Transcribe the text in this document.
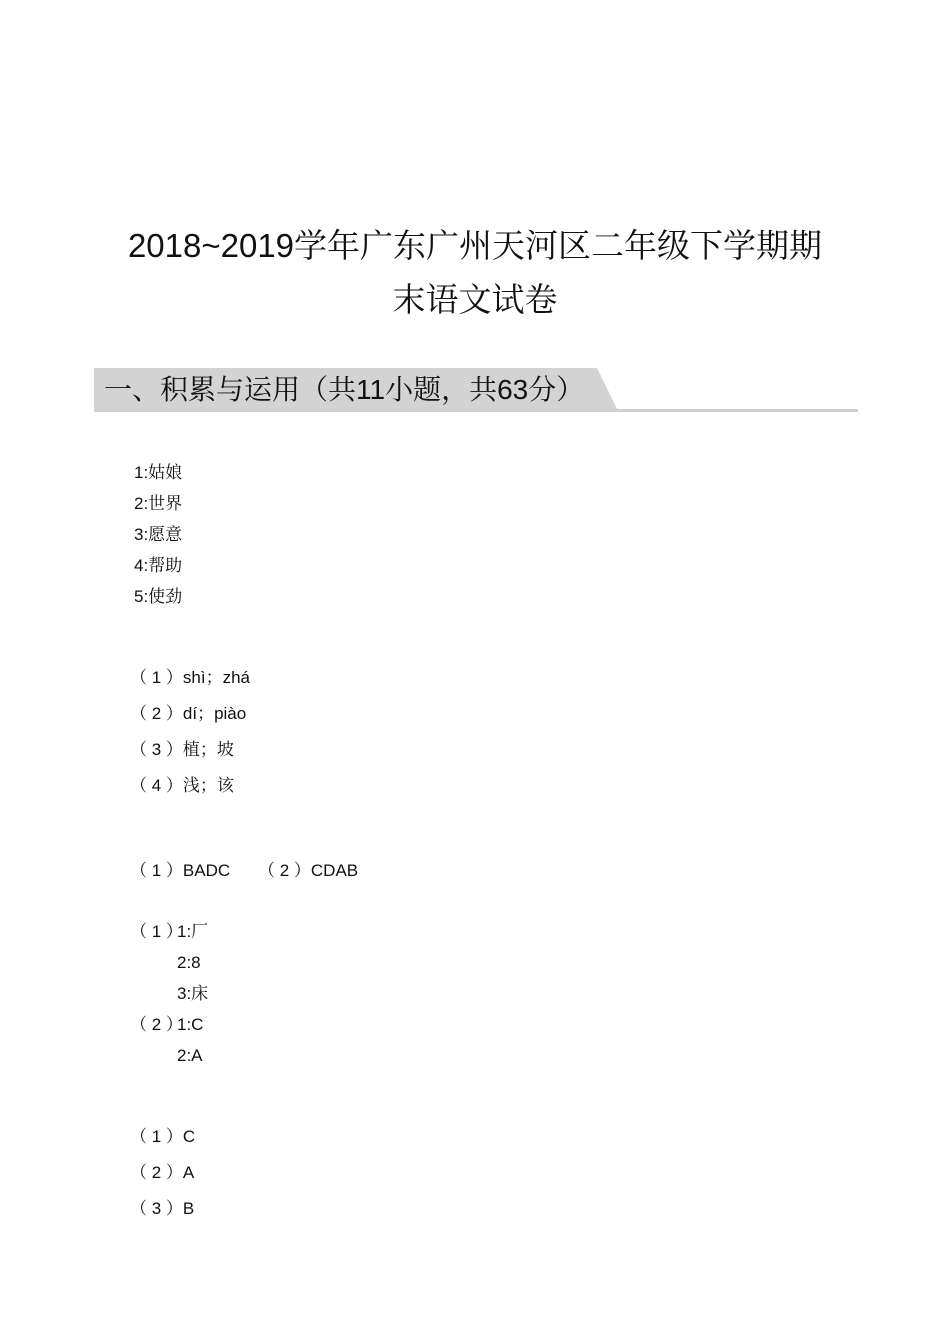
2018~2019学年广东广州天河区二年级下学期期
末语文试卷
一、积累与运用（共11小题，共63分）
1:姑娘
2:世界
3:愿意
4:帮助
5:使劲
（ 1 ）shì；zhá
（ 2 ）dí；piào
（ 3 ）植；坡
（ 4 ）浅；该
（ 1 ）BADC （ 2 ）CDAB
（ 1 ）
1:厂
2:8
3:床
（ 2 ）
1:C
2:A
（ 1 ）C
（ 2 ）A
（ 3 ）B
